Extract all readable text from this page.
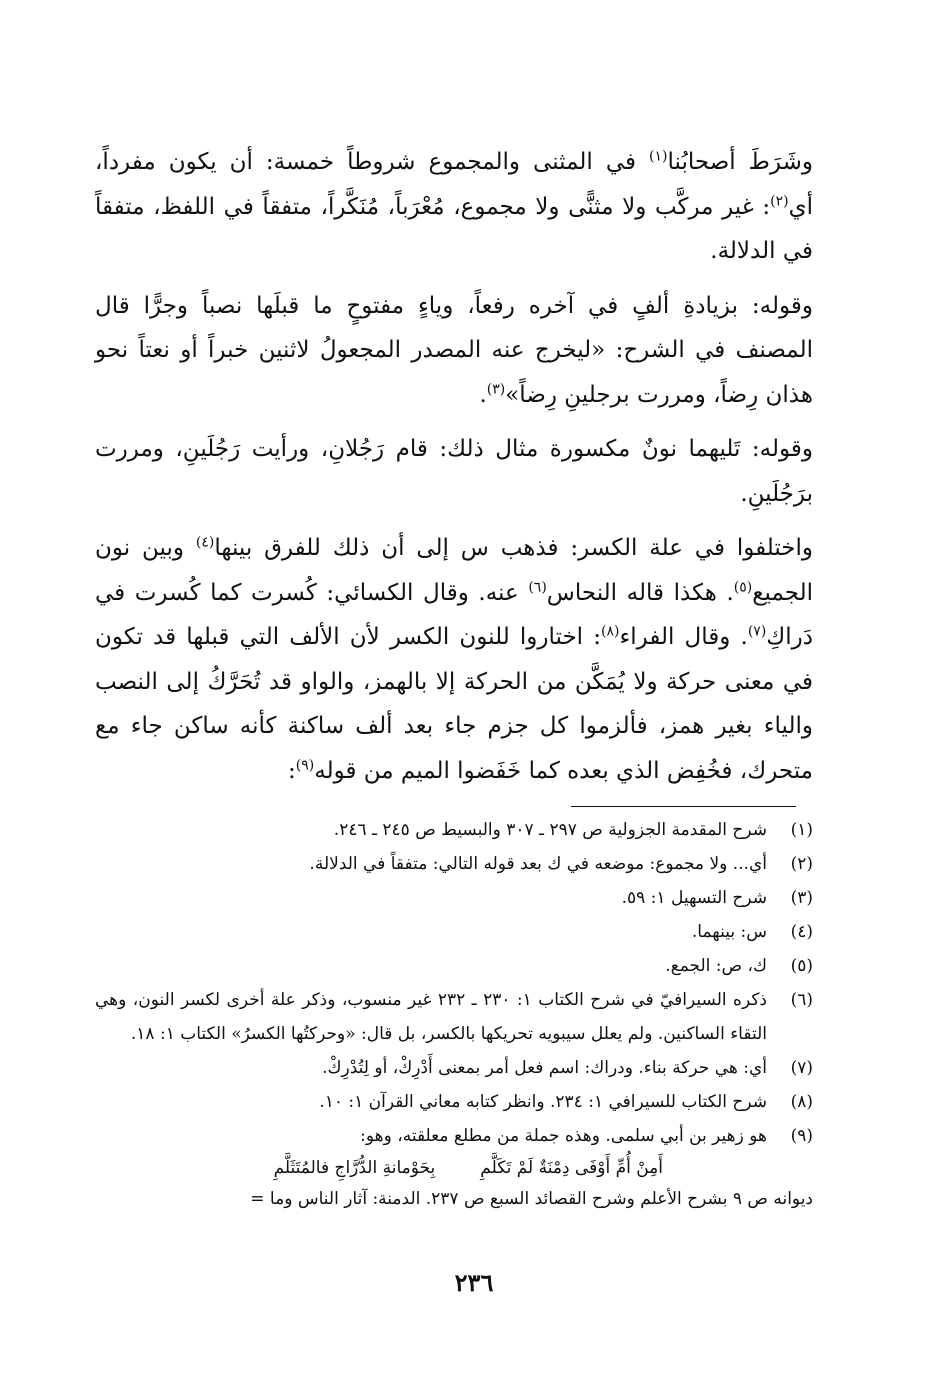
وشَرَطَ أصحابُنا$^{(١)}$ في المثنى والمجموع شروطاً خمسة: أن يكون مفرداً، أي$^{(٢)}$: غير مركَّب ولا مثنًّى ولا مجموع، مُعْرَباً، مُنَكَّراً، متفقاً في اللفظ، متفقاً في الدلالة.

وقوله: بزيادةِ ألفٍ في آخره رفعاً، وياءٍ مفتوحٍ ما قبلَها نصباً وجرًّا قال المصنف في الشرح: «ليخرج عنه المصدر المجعولُ لاثنين خبراً أو نعتاً نحو هذان رِضاً، ومررت برجلينِ رِضاً»$^{(٣)}$.

وقوله: تَليهما نونٌ مكسورة مثال ذلك: قام رَجُلانِ، ورأيت رَجُلَينِ، ومررت برَجُلَينِ.

واختلفوا في علة الكسر: فذهب س إلى أن ذلك للفرق بينها$^{(٤)}$ وبين نون الجميع$^{(٥)}$. هكذا قاله النحاس$^{(٦)}$ عنه. وقال الكسائي: كُسرت كما كُسرت في دَراكِ$^{(٧)}$. وقال الفراء$^{(٨)}$: اختاروا للنون الكسر لأن الألف التي قبلها قد تكون في معنى حركة ولا يُمَكَّن من الحركة إلا بالهمز، والواو قد تُحَرَّكُ إلى النصب والياء بغير همز، فألزموا كل جزم جاء بعد ألف ساكنة كأنه ساكن جاء مع متحرك، فخُفِض الذي بعده كما خَفَضوا الميم من قوله$^{(٩)}$:

(١)
شرح المقدمة الجزولية ص ٢٩٧ ـ ٣٠٧ والبسيط ص ٢٤٥ ـ ٢٤٦.
(٢)
أي... ولا مجموع: موضعه في ك بعد قوله التالي: متفقاً في الدلالة.
(٣)
شرح التسهيل ١: ٥٩.
(٤)
س: بينهما.
(٥)
ك، ص: الجمع.
(٦)
ذكره السيرافيّ في شرح الكتاب ١: ٢٣٠ ـ ٢٣٢ غير منسوب، وذكر علة أخرى لكسر النون، وهي التقاء الساكنين. ولم يعلل سيبويه تحريكها بالكسر، بل قال: «وحركتُها الكسرُ» الكتاب ١: ١٨.
(٧)
أي: هي حركة بناء. ودراك: اسم فعل أمر بمعنى أَدْرِكْ، أو لِتُدْرِكْ.
(٨)
شرح الكتاب للسيرافي ١: ٢٣٤. وانظر كتابه معاني القرآن ١: ١٠.
(٩)
هو زهير بن أبي سلمى. وهذه جملة من مطلع معلقته، وهو:
أَمِنْ أُمِّ أَوْفَى دِمْنَةٌ لَمْ تَكَلَّمِ
بِحَوْمانةِ الدُّرَّاجِ فالمُتَثَلَّمِ
ديوانه ص ٩ بشرح الأعلم وشرح القصائد السبع ص ٢٣٧. الدمنة: آثار الناس وما =
٢٣٦
